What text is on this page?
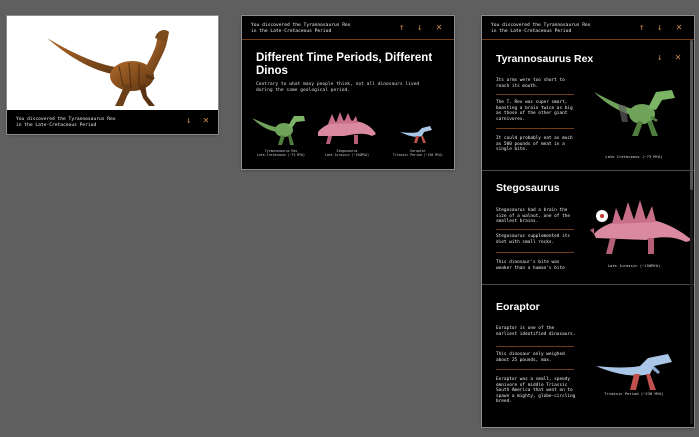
You discovered the Tyrannosaurus Rex
in the Late-Cretaceous Period	↓ ✕
You discovered the Tyrannosaurus Rex
in the Late-Cretaceous Period	↑ ↓ ✕
Different Time Periods, Different Dinos
Contrary to what many people think, not all dinosaurs lived during the same geological period.
Tyrannosaurus Rex
Late-Cretaceous (~73 MYA)
Stegosaurus
Late Jurassic (~150MYA)
Eoraptor
Triassic Period (~230 MYA)
You discovered the Tyrannosaurus Rex
in the Late-Cretaceous Period	↑ ↓ ✕
Tyrannosaurus Rex	↓ ✕
Its arms were too short to reach its mouth.
The T. Rex was super smart, boasting a brain twice as big as those of the other giant carnivores.
It could probably eat as much as 500 pounds of meat in a single bite.
Late Cretaceous (~73 MYA)
Stegosaurus
Stegosaurus had a brain the size of a walnut, one of the smallest brains.
Stegosaurus supplemented its diet with small rocks.
This dinosaur's bite was weaker than a human's bite
Late Jurassic (~150MYA)
Eoraptor
Eoraptor is one of the earliest identified dinosaurs.
This dinosaur only weighed about 25 pounds, max.
Eoraptor was a small, speedy omnivore of middle Triassic South America that went on to spawn a mighty, globe-circling breed.
Triassic Period (~230 MYA)
